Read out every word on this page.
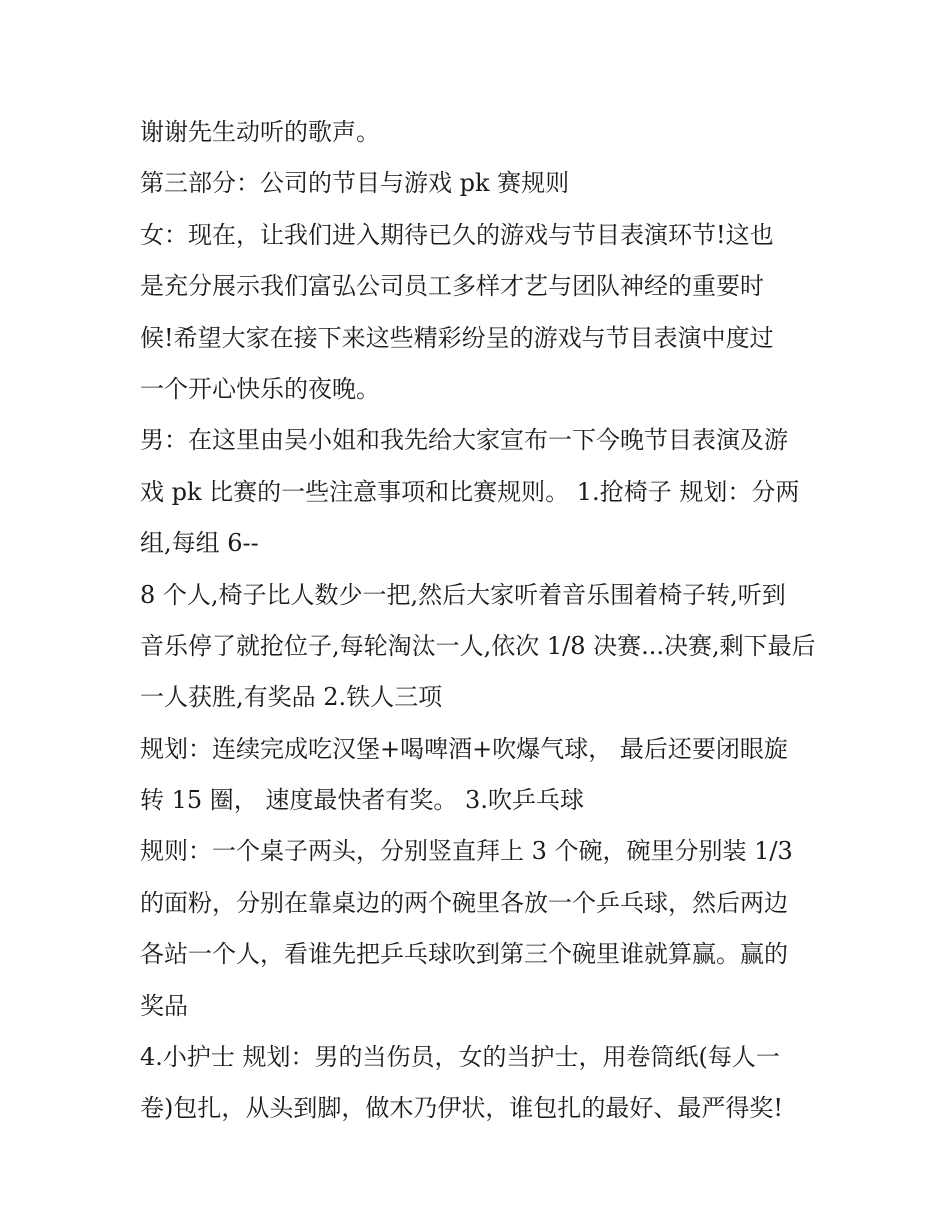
谢谢先生动听的歌声。
第三部分：公司的节目与游戏 pk 赛规则
女：现在，让我们进入期待已久的游戏与节目表演环节!这也
是充分展示我们富弘公司员工多样才艺与团队神经的重要时
候!希望大家在接下来这些精彩纷呈的游戏与节目表演中度过
一个开心快乐的夜晚。
男：在这里由吴小姐和我先给大家宣布一下今晚节目表演及游
戏 pk 比赛的一些注意事项和比赛规则。 1.抢椅子 规划：分两
组,每组 6--
8 个人,椅子比人数少一把,然后大家听着音乐围着椅子转,听到
音乐停了就抢位子,每轮淘汰一人,依次 1/8 决赛...决赛,剩下最后
一人获胜,有奖品 2.铁人三项
规划：连续完成吃汉堡+喝啤酒+吹爆气球， 最后还要闭眼旋
转 15 圈， 速度最快者有奖。 3.吹乒乓球
规则：一个桌子两头，分别竖直拜上 3 个碗，碗里分别装 1/3
的面粉，分别在靠桌边的两个碗里各放一个乒乓球，然后两边
各站一个人，看谁先把乒乓球吹到第三个碗里谁就算赢。赢的
奖品
4.小护士 规划：男的当伤员，女的当护士，用卷筒纸(每人一
卷)包扎，从头到脚，做木乃伊状，谁包扎的最好、最严得奖!
